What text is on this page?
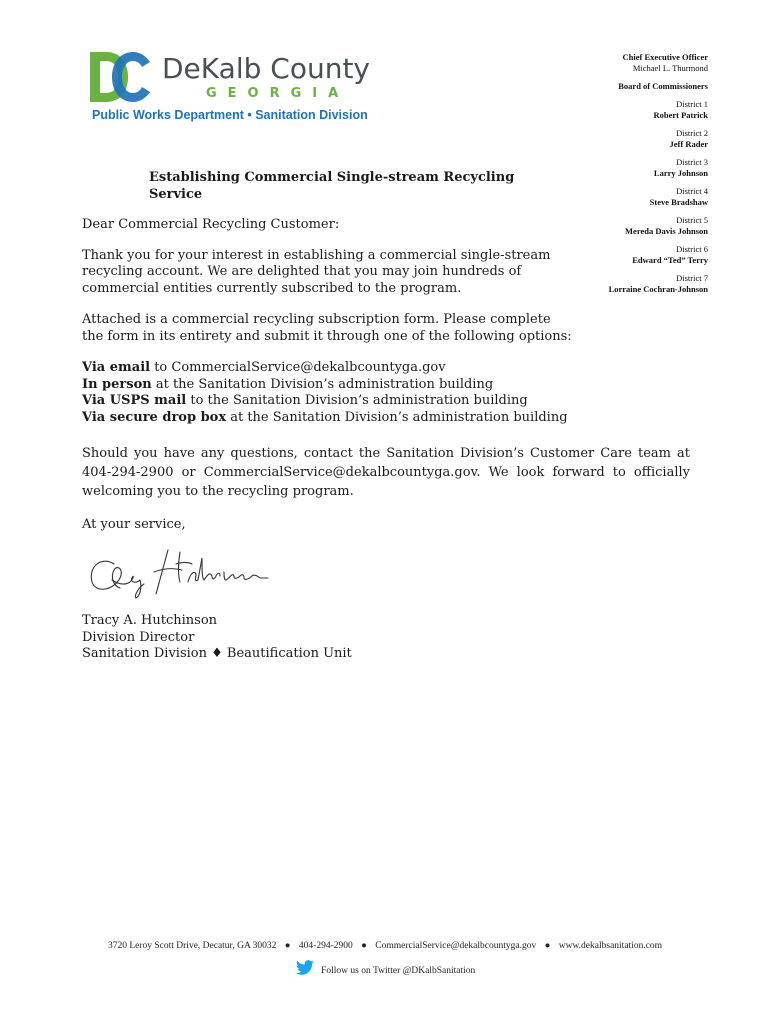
DeKalb County
GEORGIA
Public Works Department • Sanitation Division
Chief Executive Officer
Michael L. Thurmond
Board of Commissioners
District 1
Robert Patrick
District 2
Jeff Rader
District 3
Larry Johnson
District 4
Steve Bradshaw
District 5
Mereda Davis Johnson
District 6
Edward “Ted” Terry
District 7
Lorraine Cochran-Johnson
Establishing Commercial Single-stream Recycling Service
Dear Commercial Recycling Customer:
Thank you for your interest in establishing a commercial single-stream recycling account. We are delighted that you may join hundreds of commercial entities currently subscribed to the program.
Attached is a commercial recycling subscription form. Please complete the form in its entirety and submit it through one of the following options:
Via email to CommercialService@dekalbcountyga.gov
In person at the Sanitation Division’s administration building
Via USPS mail to the Sanitation Division’s administration building
Via secure drop box at the Sanitation Division’s administration building
Should you have any questions, contact the Sanitation Division’s Customer Care team at 404-294-2900 or CommercialService@dekalbcountyga.gov. We look forward to officially welcoming you to the recycling program.
At your service,
Tracy A. Hutchinson
Division Director
Sanitation Division ♦ Beautification Unit
3720 Leroy Scott Drive, Decatur, GA 30032 ● 404-294-2900 ● CommercialService@dekalbcountyga.gov ● www.dekalbsanitation.com
Follow us on Twitter @DKalbSanitation
